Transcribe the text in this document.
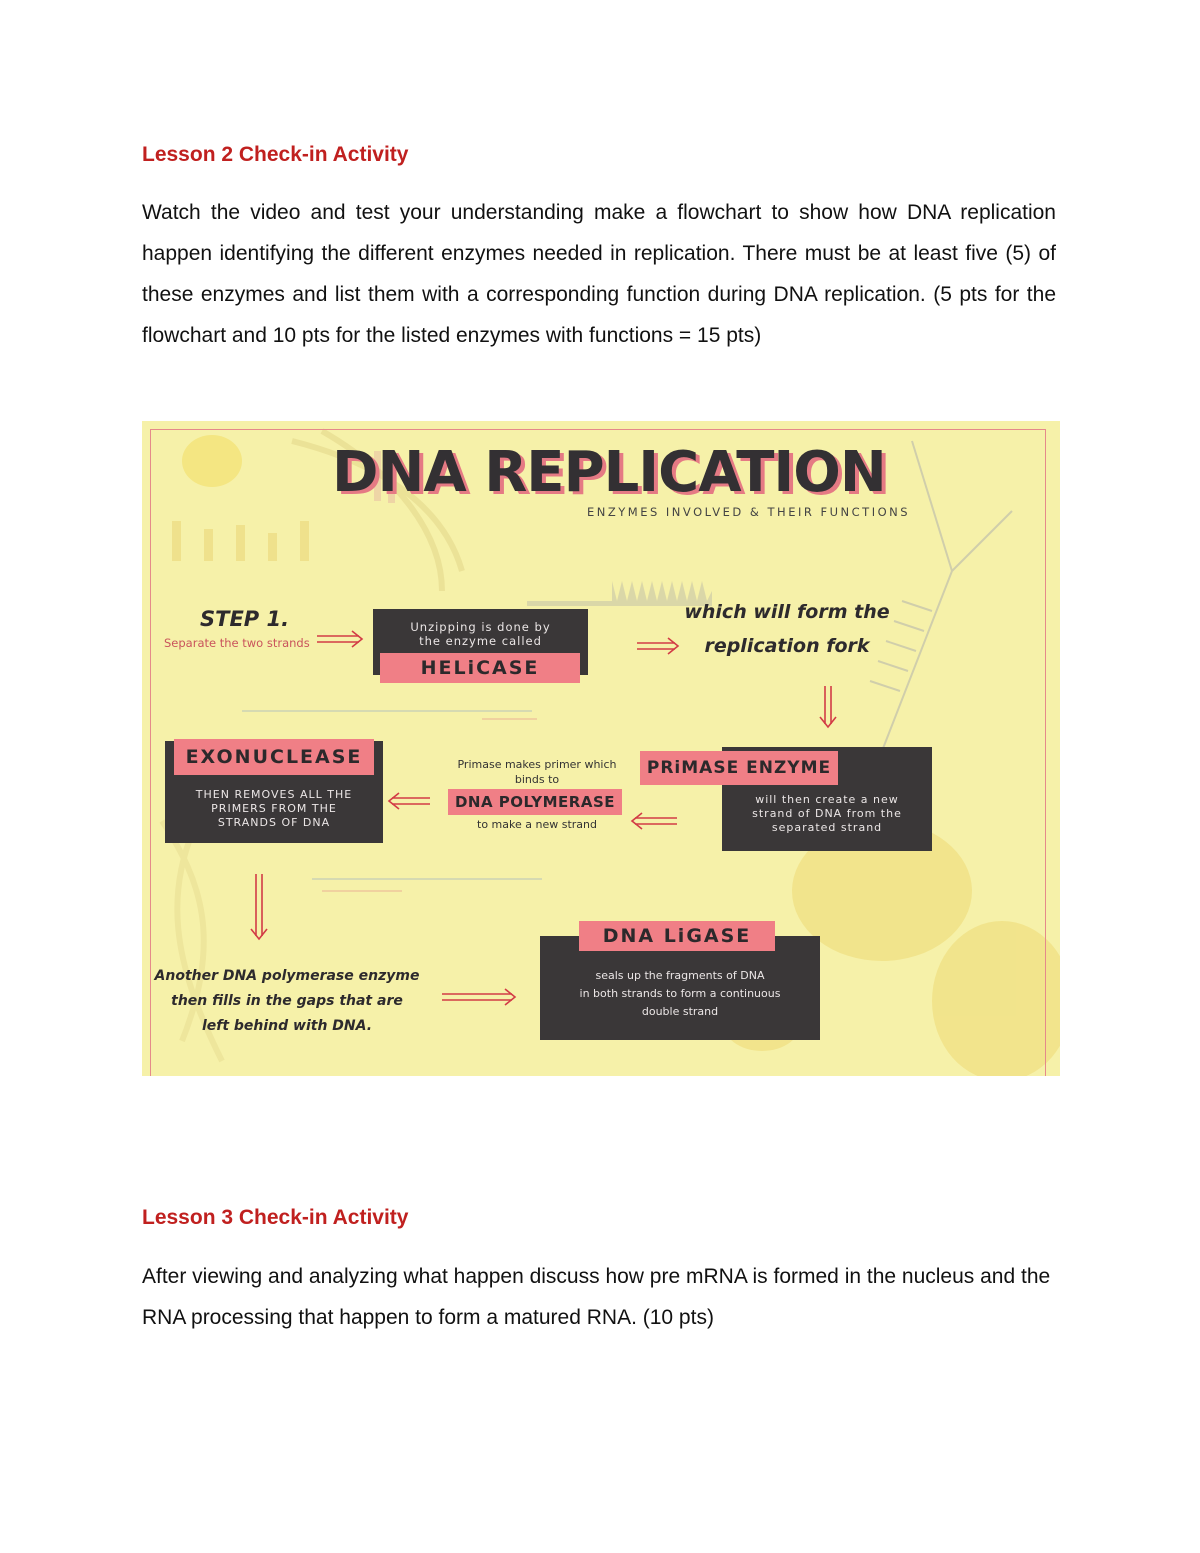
Lesson 2 Check-in Activity

Watch the video and test your understanding make a flowchart to show how DNA replication happen identifying the different enzymes needed in replication. There must be at least five (5) of these enzymes and list them with a corresponding function during DNA replication. (5 pts for the flowchart and 10 pts for the listed enzymes with functions = 15 pts)

DNA REPLICATION
ENZYMES INVOLVED & THEIR FUNCTIONS
STEP 1.
Separate the two strands
Unzipping is done by
the enzyme called
HELiCASE
which will form the
replication fork
PRiMASE ENZYME
will then create a new
strand of DNA from the
separated strand
Primase makes primer which
binds to
DNA POLYMERASE
to make a new strand
EXONUCLEASE
THEN REMOVES ALL THE
PRIMERS FROM THE
STRANDS OF DNA
Another DNA polymerase enzyme
then fills in the gaps that are
left behind with DNA.
DNA LiGASE
seals up the fragments of DNA
in both strands to form a continuous
double strand
Lesson 3 Check-in Activity

After viewing and analyzing what happen discuss how pre mRNA is formed in the nucleus and the RNA processing that happen to form a matured RNA. (10 pts)
